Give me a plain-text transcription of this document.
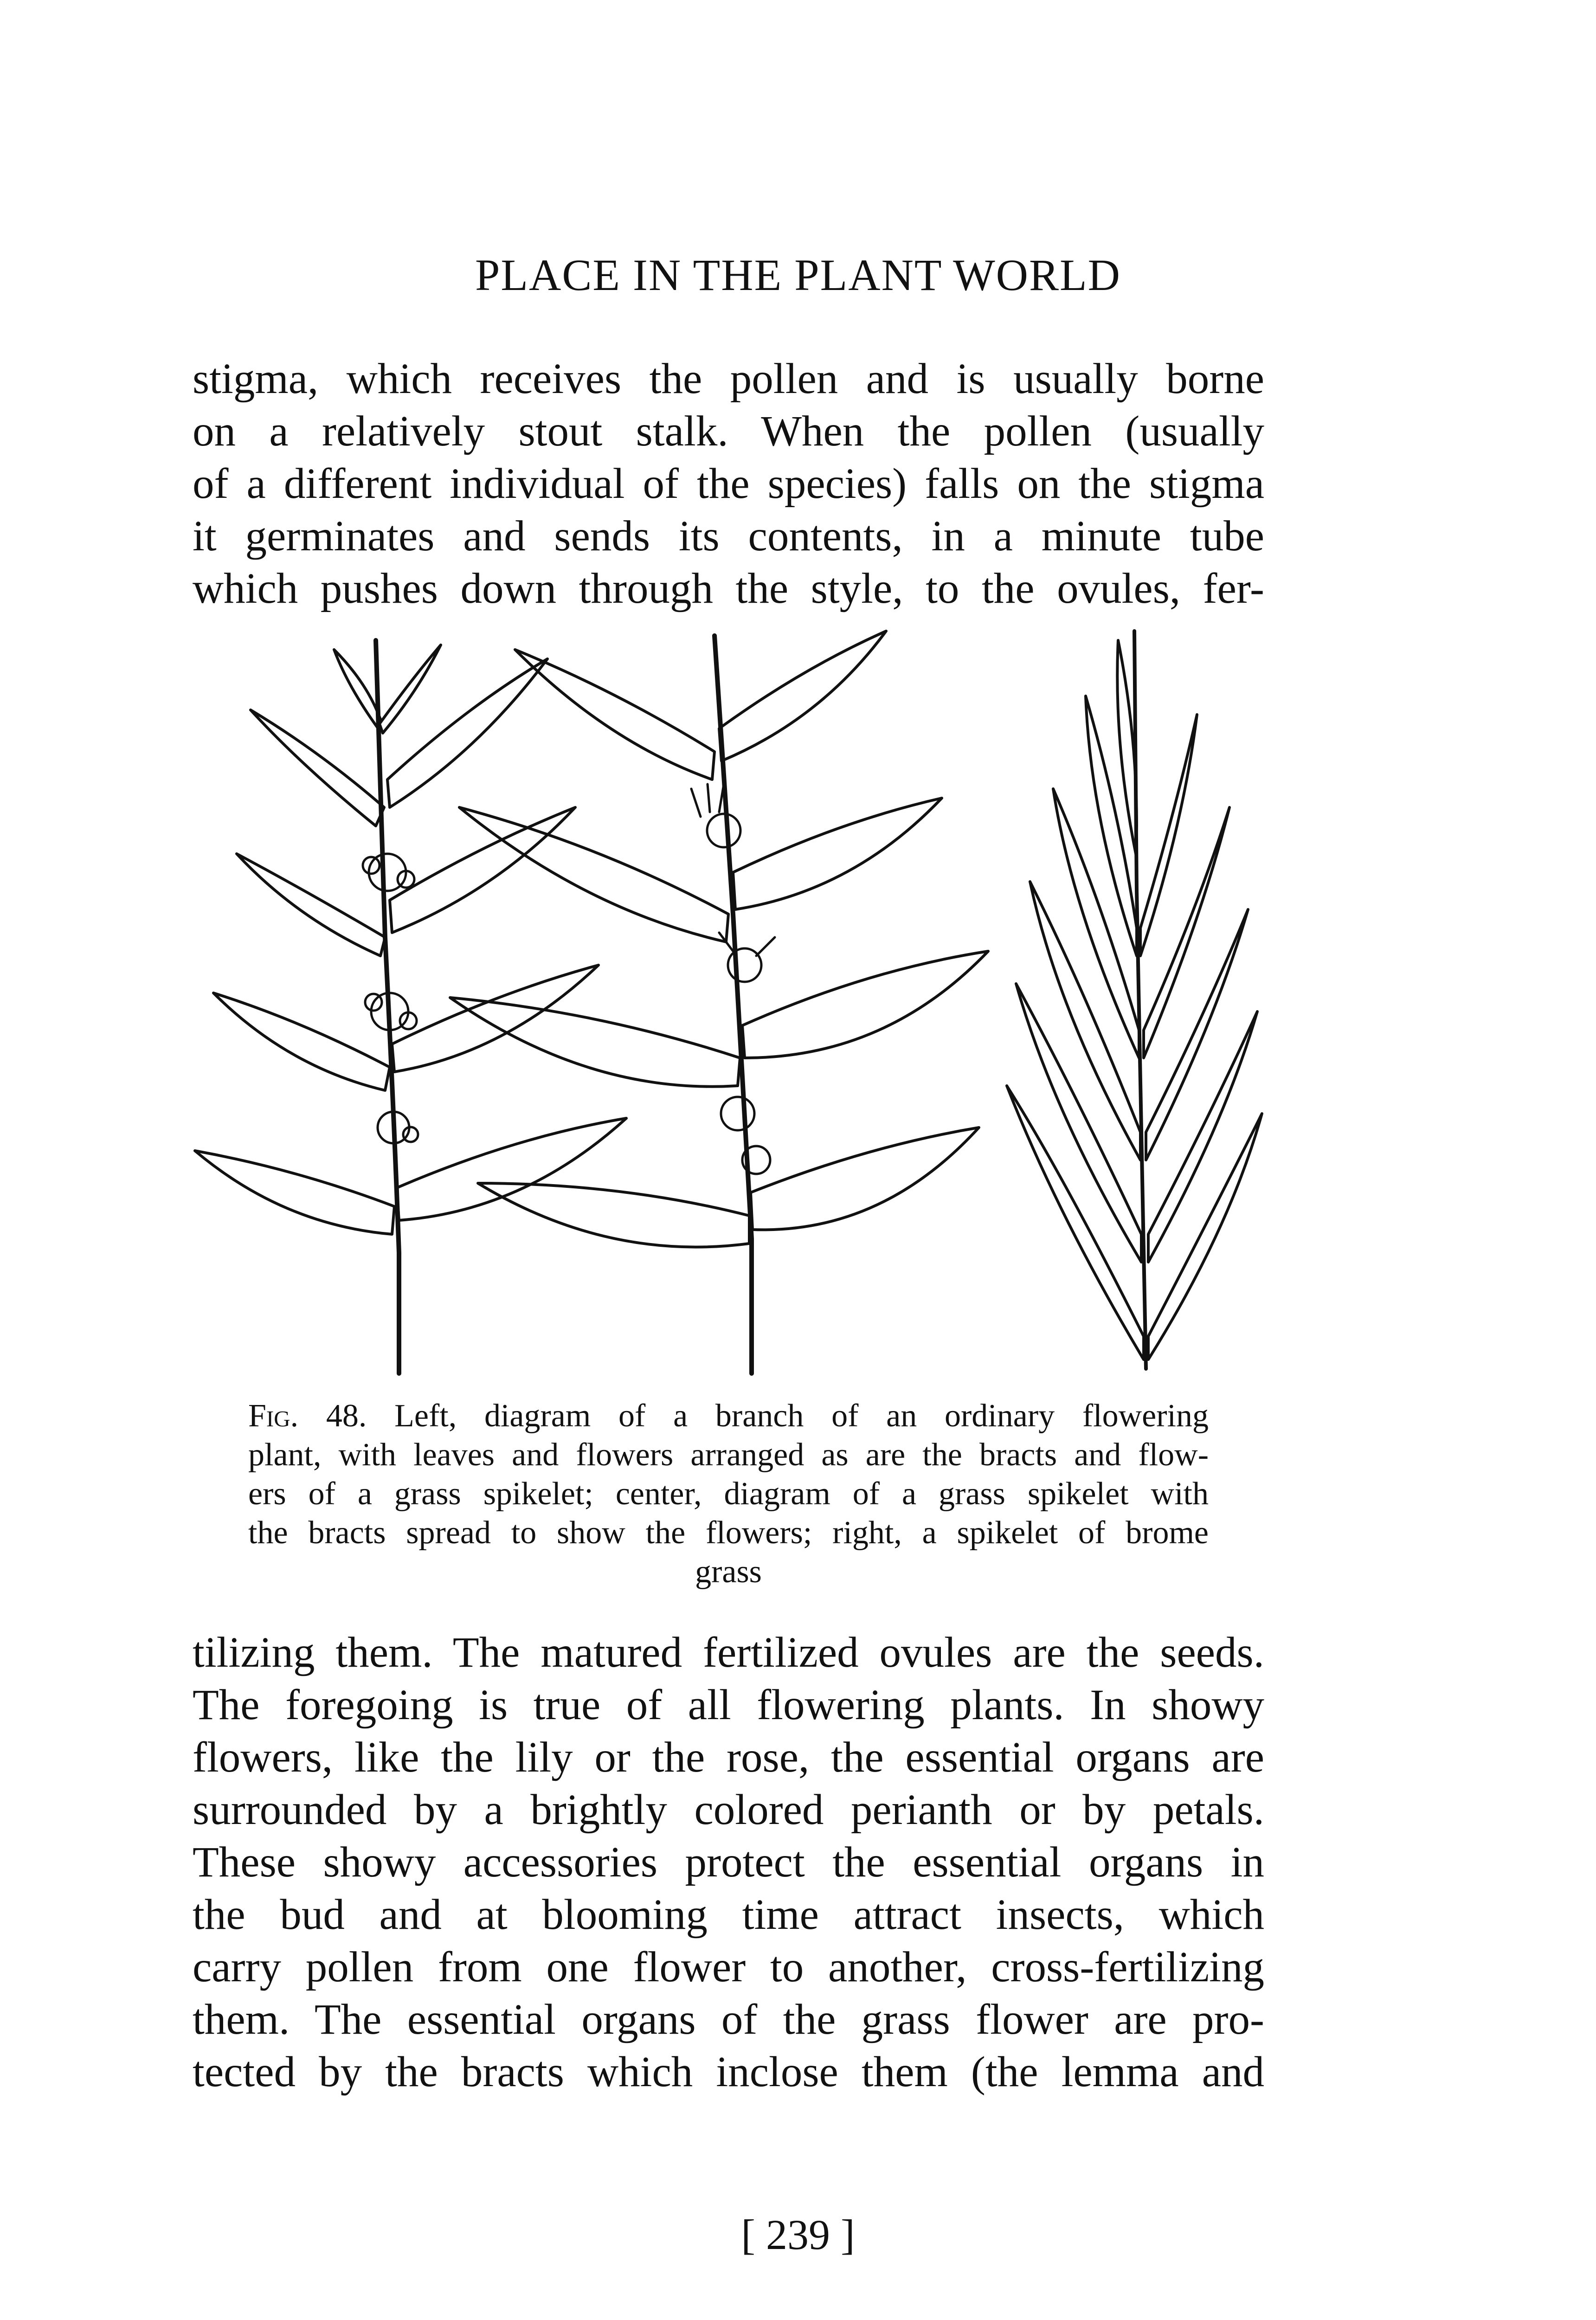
PLACE IN THE PLANT WORLD
stigma, which receives the pollen and is usually borne
on a relatively stout stalk. When the pollen (usually
of a different individual of the species) falls on the stigma
it germinates and sends its contents, in a minute tube
which pushes down through the style, to the ovules, fer-
Fig. 48. Left, diagram of a branch of an ordinary flowering
plant, with leaves and flowers arranged as are the bracts and flow-
ers of a grass spikelet; center, diagram of a grass spikelet with
the bracts spread to show the flowers; right, a spikelet of brome
grass
tilizing them. The matured fertilized ovules are the seeds.
The foregoing is true of all flowering plants. In showy
flowers, like the lily or the rose, the essential organs are
surrounded by a brightly colored perianth or by petals.
These showy accessories protect the essential organs in
the bud and at blooming time attract insects, which
carry pollen from one flower to another, cross-fertilizing
them. The essential organs of the grass flower are pro-
tected by the bracts which inclose them (the lemma and
[ 239 ]
